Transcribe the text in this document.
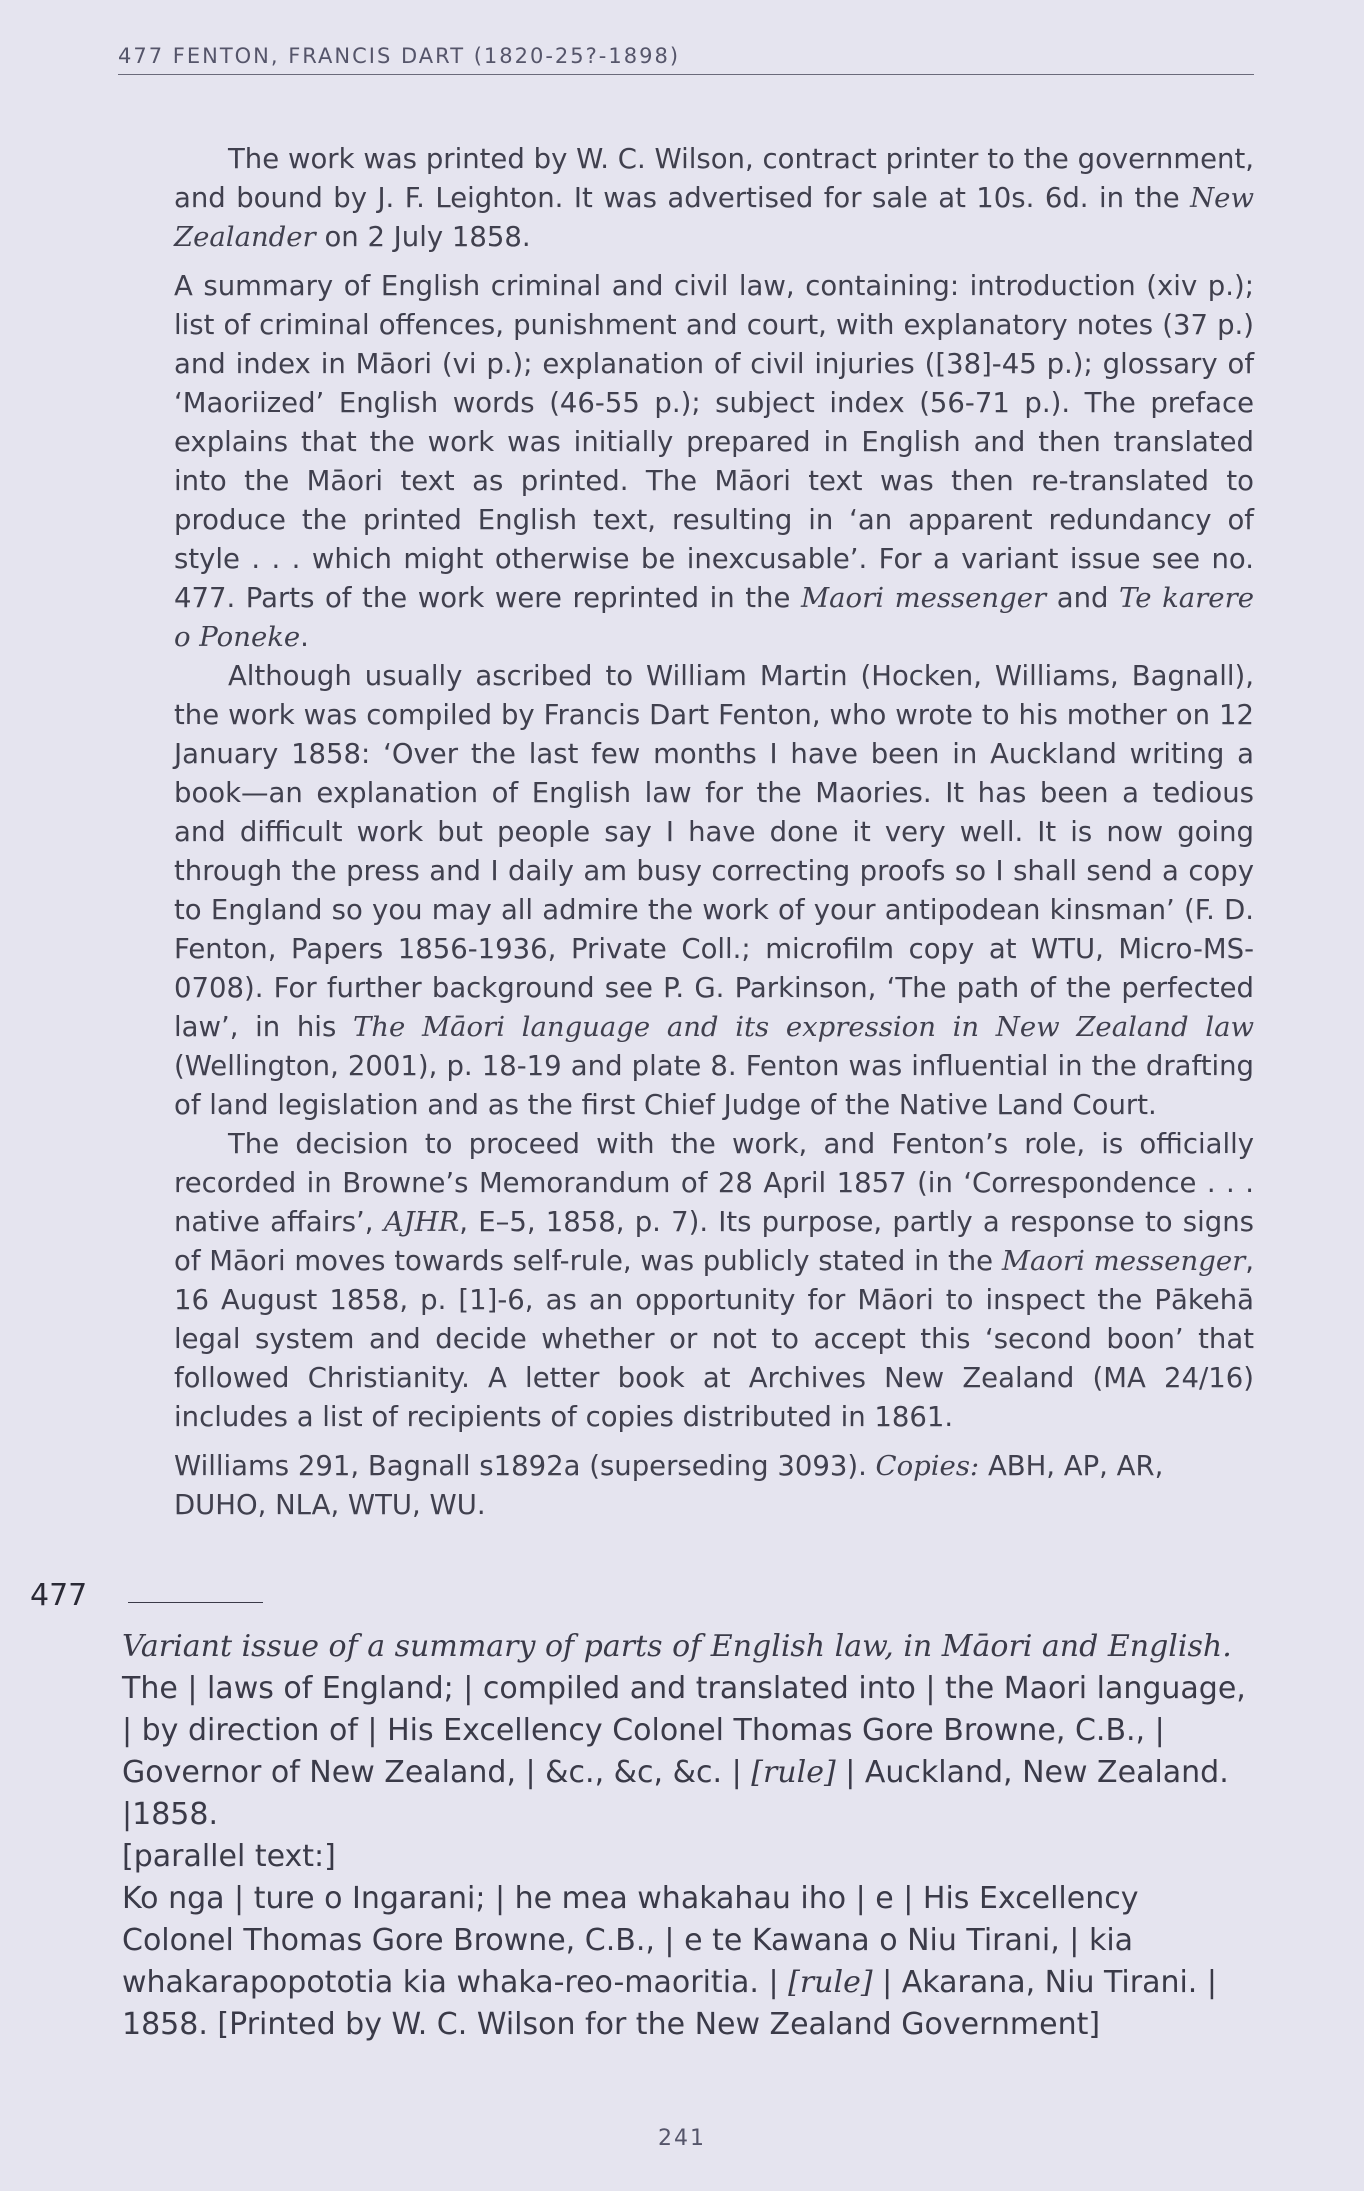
477 FENTON, FRANCIS DART (1820-25?-1898)

The work was printed by W. C. Wilson, contract printer to the government, and bound by J. F. Leighton. It was advertised for sale at 10s. 6d. in the New Zealander on 2 July 1858.

A summary of English criminal and civil law, containing: introduction (xiv p.); list of criminal offences, punishment and court, with explanatory notes (37 p.) and index in Māori (vi p.); explanation of civil injuries ([38]-45 p.); glossary of ‘Maoriized’ English words (46-55 p.); subject index (56-71 p.). The preface explains that the work was initially prepared in English and then translated into the Māori text as printed. The Māori text was then re-translated to produce the printed English text, resulting in ‘an apparent redundancy of style . . . which might otherwise be inexcusable’. For a variant issue see no. 477. Parts of the work were reprinted in the Maori messenger and Te karere o Poneke.

Although usually ascribed to William Martin (Hocken, Williams, Bagnall), the work was compiled by Francis Dart Fenton, who wrote to his mother on 12 January 1858: ‘Over the last few months I have been in Auckland writing a book—an explanation of English law for the Maories. It has been a tedious and difficult work but people say I have done it very well. It is now going through the press and I daily am busy correcting proofs so I shall send a copy to England so you may all admire the work of your antipodean kinsman’ (F. D. Fenton, Papers 1856-1936, Private Coll.; microfilm copy at WTU, Micro-MS-0708). For further background see P. G. Parkinson, ‘The path of the perfected law’, in his The Māori language and its expression in New Zealand law (Wellington, 2001), p. 18-19 and plate 8. Fenton was influential in the drafting of land legislation and as the first Chief Judge of the Native Land Court.

The decision to proceed with the work, and Fenton’s role, is officially recorded in Browne’s Memorandum of 28 April 1857 (in ‘Correspondence . . . native affairs’, AJHR, E–5, 1858, p. 7). Its purpose, partly a response to signs of Māori moves towards self-rule, was publicly stated in the Maori messenger, 16 August 1858, p. [1]-6, as an opportunity for Māori to inspect the Pākehā legal system and decide whether or not to accept this ‘second boon’ that followed Christianity. A letter book at Archives New Zealand (MA 24/16) includes a list of recipients of copies distributed in 1861.

Williams 291, Bagnall s1892a (superseding 3093). Copies: ABH, AP, AR, DUHO, NLA, WTU, WU.

477

Variant issue of a summary of parts of English law, in Māori and English. The | laws of England; | compiled and translated into | the Maori language, | by direction of | His Excellency Colonel Thomas Gore Browne, C.B., | Governor of New Zealand, | &c., &c, &c. | [rule] | Auckland, New Zealand. |1858.

[parallel text:]

Ko nga | ture o Ingarani; | he mea whakahau iho | e | His Excellency Colonel Thomas Gore Browne, C.B., | e te Kawana o Niu Tirani, | kia whakarapopototia kia whaka-reo-maoritia. | [rule] | Akarana, Niu Tirani. | 1858. [Printed by W. C. Wilson for the New Zealand Government]

241
